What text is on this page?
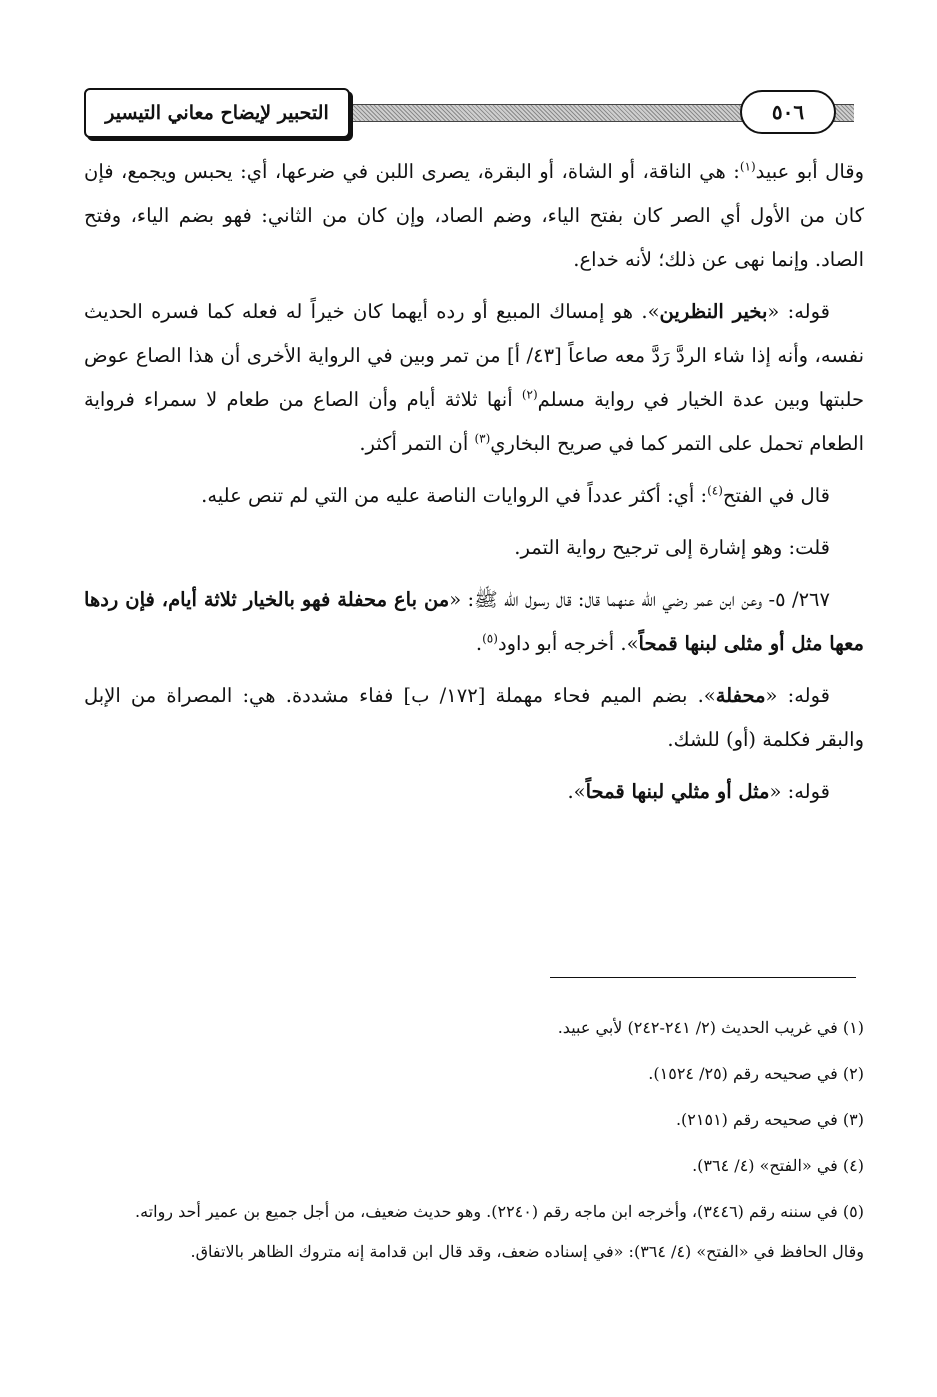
التحبير لإيضاح معاني التيسير	٥٠٦

وقال أبو عبيد$^{(١)}$: هي الناقة، أو الشاة، أو البقرة، يصرى اللبن في ضرعها، أي: يحبس ويجمع، فإن كان من الأول أي الصر كان بفتح الياء، وضم الصاد، وإن كان من الثاني: فهو بضم الياء، وفتح الصاد. وإنما نهى عن ذلك؛ لأنه خداع.

قوله: «بخير النظرين». هو إمساك المبيع أو رده أيهما كان خيراً له فعله كما فسره الحديث نفسه، وأنه إذا شاء الردَّ رَدَّ معه صاعاً [٤٣/ أ] من تمر وبين في الرواية الأخرى أن هذا الصاع عوض حلبتها وبين عدة الخيار في رواية مسلم$^{(٢)}$ أنها ثلاثة أيام وأن الصاع من طعام لا سمراء فرواية الطعام تحمل على التمر كما في صريح البخاري$^{(٣)}$ أن التمر أكثر.

قال في الفتح$^{(٤)}$: أي: أكثر عدداً في الروايات الناصة عليه من التي لم تنص عليه.

قلت: وهو إشارة إلى ترجيح رواية التمر.

٢٦٧/ ٥- وعن ابن عمر رضي الله عنهما قال: قال رسول الله ﷺ: «من باع محفلة فهو بالخيار ثلاثة أيام، فإن ردها معها مثل أو مثلى لبنها قمحاً». أخرجه أبو داود$^{(٥)}$.

قوله: «محفلة». بضم الميم فحاء مهملة [١٧٢/ ب] ففاء مشددة. هي: المصراة من الإبل والبقر فكلمة (أو) للشك.

قوله: «مثل أو مثلي لبنها قمحاً».

(١) في غريب الحديث (٢/ ٢٤١-٢٤٢) لأبي عبيد.

(٢) في صحيحه رقم (٢٥/ ١٥٢٤).

(٣) في صحيحه رقم (٢١٥١).

(٤) في «الفتح» (٤/ ٣٦٤).

(٥) في سننه رقم (٣٤٤٦)، وأخرجه ابن ماجه رقم (٢٢٤٠). وهو حديث ضعيف، من أجل جميع بن عمير أحد رواته.

وقال الحافظ في «الفتح» (٤/ ٣٦٤): «في إسناده ضعف، وقد قال ابن قدامة إنه متروك الظاهر بالاتفاق.
